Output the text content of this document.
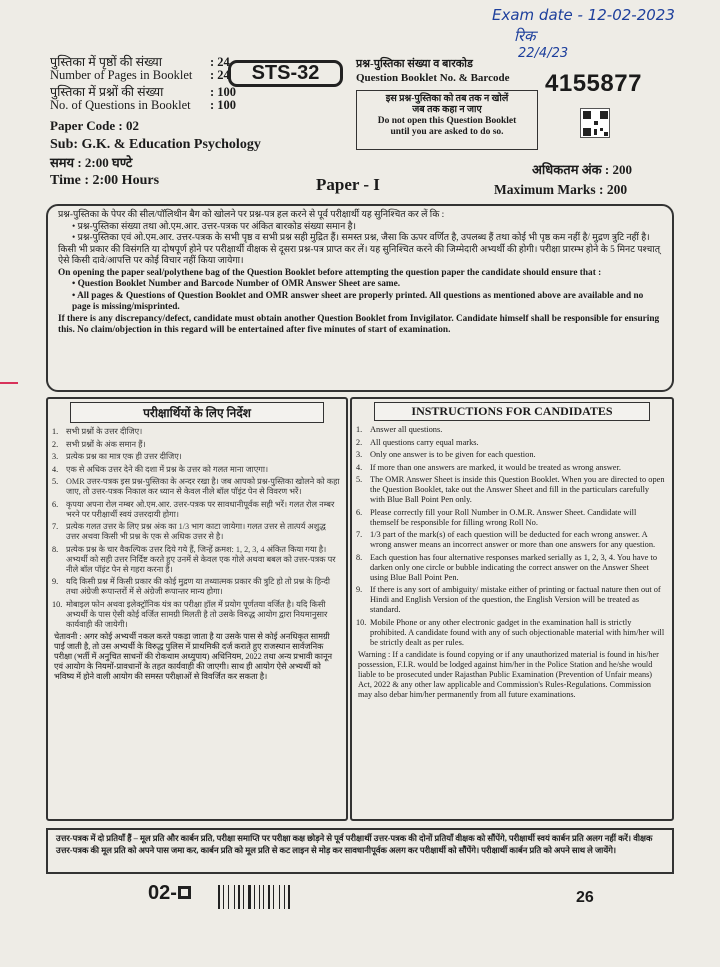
Exam date - 12-02-2023
रिक
22/4/23
पुस्तिका में पृष्ठों की संख्या	: 24
Number of Pages in Booklet : 24
पुस्तिका में प्रश्नों की संख्या	: 100
No. of Questions in Booklet : 100
Paper Code : 02
Sub: G.K. & Education Psychology
समय : 2:00 घण्टे
Time : 2:00 Hours
STS-32	प्रश्न-पुस्तिका संख्या व बारकोड
Question Booklet No. & Barcode 4155877
इस प्रश्न-पुस्तिका को तब तक न खोलें
जब तक कहा न जाए
Do not open this Question Booklet
until you are asked to do so.
अधिकतम अंक : 200
Paper - I	Maximum Marks : 200

प्रश्न-पुस्तिका के पेपर की सील/पॉलिथीन बैग को खोलने पर प्रश्न-पत्र हल करने से पूर्व परीक्षार्थी यह सुनिश्चित कर लें कि :

• प्रश्न-पुस्तिका संख्या तथा ओ.एम.आर. उत्तर-पत्रक पर अंकित बारकोड संख्या समान है।

• प्रश्न-पुस्तिका एवं ओ.एम.आर. उत्तर-पत्रक के सभी पृष्ठ व सभी प्रश्न सही मुद्रित हैं। समस्त प्रश्न, जैसा कि ऊपर वर्णित है, उपलब्ध हैं तथा कोई भी पृष्ठ कम नहीं है/ मुद्रण त्रुटि नहीं है।

किसी भी प्रकार की विसंगति या दोषपूर्ण होने पर परीक्षार्थी वीक्षक से दूसरा प्रश्न-पत्र प्राप्त कर लें। यह सुनिश्चित करने की जिम्मेदारी अभ्यर्थी की होगी। परीक्षा प्रारम्भ होने के 5 मिनट पश्चात् ऐसे किसी दावे/आपत्ति पर कोई विचार नहीं किया जायेगा।

On opening the paper seal/polythene bag of the Question Booklet before attempting the question paper the candidate should ensure that :

• Question Booklet Number and Barcode Number of OMR Answer Sheet are same.

• All pages & Questions of Question Booklet and OMR answer sheet are properly printed. All questions as mentioned above are available and no page is missing/misprinted.

If there is any discrepancy/defect, candidate must obtain another Question Booklet from Invigilator. Candidate himself shall be responsible for ensuring this. No claim/objection in this regard will be entertained after five minutes of start of examination.

परीक्षार्थियों के लिए निर्देश
1. सभी प्रश्नों के उत्तर दीजिए।
2. सभी प्रश्नों के अंक समान हैं।
3. प्रत्येक प्रश्न का मात्र एक ही उत्तर दीजिए।
4. एक से अधिक उत्तर देने की दशा में प्रश्न के उत्तर को गलत माना जाएगा।
5. OMR उत्तर-पत्रक इस प्रश्न-पुस्तिका के अन्दर रखा है। जब आपको प्रश्न-पुस्तिका खोलने को कहा जाए, तो उत्तर-पत्रक निकाल कर ध्यान से केवल नीले बॉल पॉइंट पेन से विवरण भरें।
6. कृपया अपना रोल नम्बर ओ.एम.आर. उत्तर-पत्रक पर सावधानीपूर्वक सही भरें। गलत रोल नम्बर भरने पर परीक्षार्थी स्वयं उत्तरदायी होगा।
7. प्रत्येक गलत उत्तर के लिए प्रश्न अंक का 1/3 भाग काटा जायेगा। गलत उत्तर से तात्पर्य अशुद्ध उत्तर अथवा किसी भी प्रश्न के एक से अधिक उत्तर से है।
8. प्रत्येक प्रश्न के चार वैकल्पिक उत्तर दिये गये हैं, जिन्हें क्रमश: 1, 2, 3, 4 अंकित किया गया है। अभ्यर्थी को सही उत्तर निर्दिष्ट करते हुए उनमें से केवल एक गोले अथवा बबल को उत्तर-पत्रक पर नीले बॉल पॉइंट पेन से गहरा करना है।
9. यदि किसी प्रश्न में किसी प्रकार की कोई मुद्रण या तथ्यात्मक प्रकार की त्रुटि हो तो प्रश्न के हिन्दी तथा अंग्रेजी रूपान्तरों में से अंग्रेजी रूपान्तर मान्य होगा।
10. मोबाइल फोन अथवा इलेक्ट्रॉनिक यंत्र का परीक्षा हॉल में प्रयोग पूर्णतया वर्जित है। यदि किसी अभ्यर्थी के पास ऐसी कोई वर्जित सामग्री मिलती है तो उसके विरुद्ध आयोग द्वारा नियमानुसार कार्यवाही की जायेगी।
चेतावनी : अगर कोई अभ्यर्थी नकल करते पकड़ा जाता है या उसके पास से कोई अनधिकृत सामग्री पाई जाती है, तो उस अभ्यर्थी के विरुद्ध पुलिस में प्राथमिकी दर्ज कराते हुए राजस्थान सार्वजनिक परीक्षा (भर्ती में अनुचित साधनों की रोकथाम अध्युपाय) अधिनियम, 2022 तथा अन्य प्रभावी कानून एवं आयोग के नियमों-प्रावधानों के तहत कार्यवाही की जाएगी। साथ ही आयोग ऐसे अभ्यर्थी को भविष्य में होने वाली आयोग की समस्त परीक्षाओं से विवर्जित कर सकता है।
INSTRUCTIONS FOR CANDIDATES
1. Answer all questions.
2. All questions carry equal marks.
3. Only one answer is to be given for each question.
4. If more than one answers are marked, it would be treated as wrong answer.
5. The OMR Answer Sheet is inside this Question Booklet. When you are directed to open the Question Booklet, take out the Answer Sheet and fill in the particulars carefully with Blue Ball Point Pen only.
6. Please correctly fill your Roll Number in O.M.R. Answer Sheet. Candidate will themself be responsible for filling wrong Roll No.
7. 1/3 part of the mark(s) of each question will be deducted for each wrong answer. A wrong answer means an incorrect answer or more than one answers for any question.
8. Each question has four alternative responses marked serially as 1, 2, 3, 4. You have to darken only one circle or bubble indicating the correct answer on the Answer Sheet using Blue Ball Point Pen.
9. If there is any sort of ambiguity/ mistake either of printing or factual nature then out of Hindi and English Version of the question, the English Version will be treated as standard.
10. Mobile Phone or any other electronic gadget in the examination hall is strictly prohibited. A candidate found with any of such objectionable material with him/her will be strictly dealt as per rules.
Warning : If a candidate is found copying or if any unauthorized material is found in his/her possession, F.I.R. would be lodged against him/her in the Police Station and he/she would liable to be prosecuted under Rajasthan Public Examination (Prevention of Unfair means) Act, 2022 & any other law applicable and Commission's Rules-Regulations. Commission may also debar him/her permanently from all future examinations.
उत्तर-पत्रक में दो प्रतियाँ हैं – मूल प्रति और कार्बन प्रति, परीक्षा समाप्ति पर परीक्षा कक्ष छोड़ने से पूर्व परीक्षार्थी उत्तर-पत्रक की दोनों प्रतियाँ वीक्षक को सौंपेंगे, परीक्षार्थी स्वयं कार्बन प्रति अलग नहीं करें। वीक्षक उत्तर-पत्रक की मूल प्रति को अपने पास जमा कर, कार्बन प्रति को मूल प्रति से कट लाइन से मोड़ कर सावधानीपूर्वक अलग कर परीक्षार्थी को सौंपेंगे। परीक्षार्थी कार्बन प्रति को अपने साथ ले जायेंगे।
02-	26
